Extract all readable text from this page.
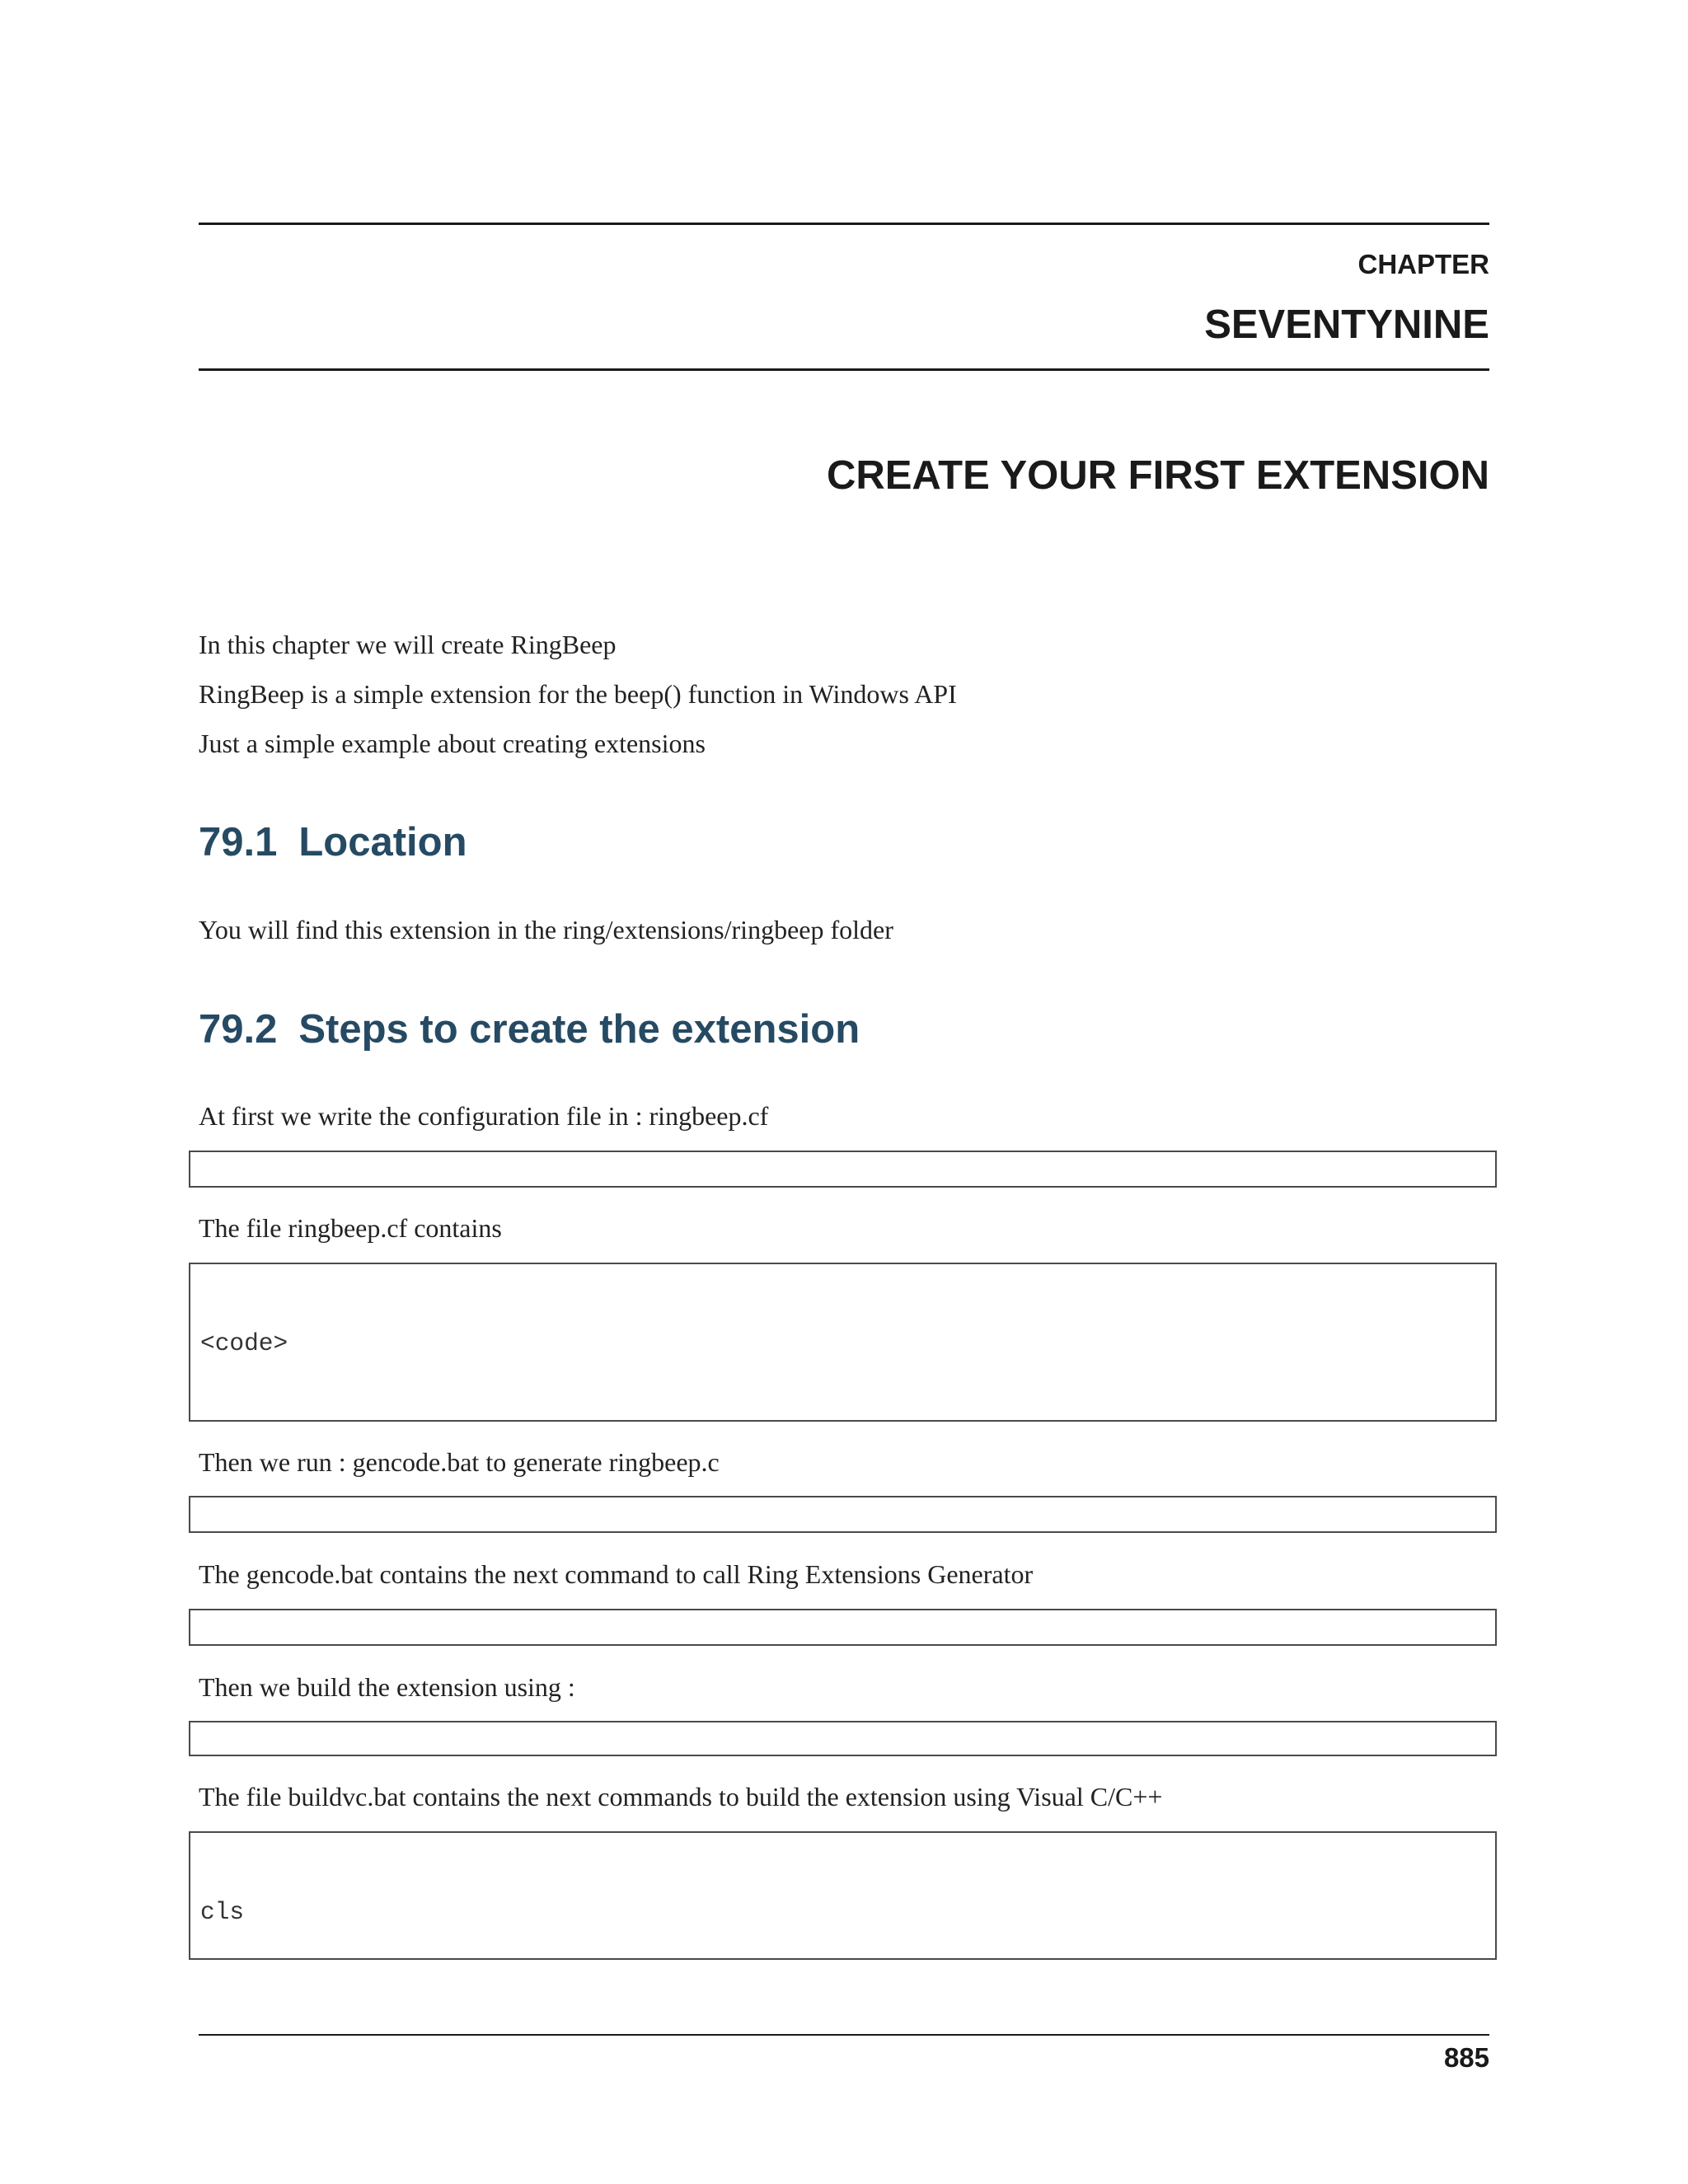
CHAPTER
SEVENTYNINE
CREATE YOUR FIRST EXTENSION
In this chapter we will create RingBeep
RingBeep is a simple extension for the beep() function in Windows API
Just a simple example about creating extensions
79.1 Location
You will find this extension in the ring/extensions/ringbeep folder
79.2 Steps to create the extension
At first we write the configuration file in : ringbeep.cf

The file ringbeep.cf contains

<code>

Then we run : gencode.bat to generate ringbeep.c

The gencode.bat contains the next command to call Ring Extensions Generator

Then we build the extension using :

The file buildvc.bat contains the next commands to build the extension using Visual C/C++

cls

885
